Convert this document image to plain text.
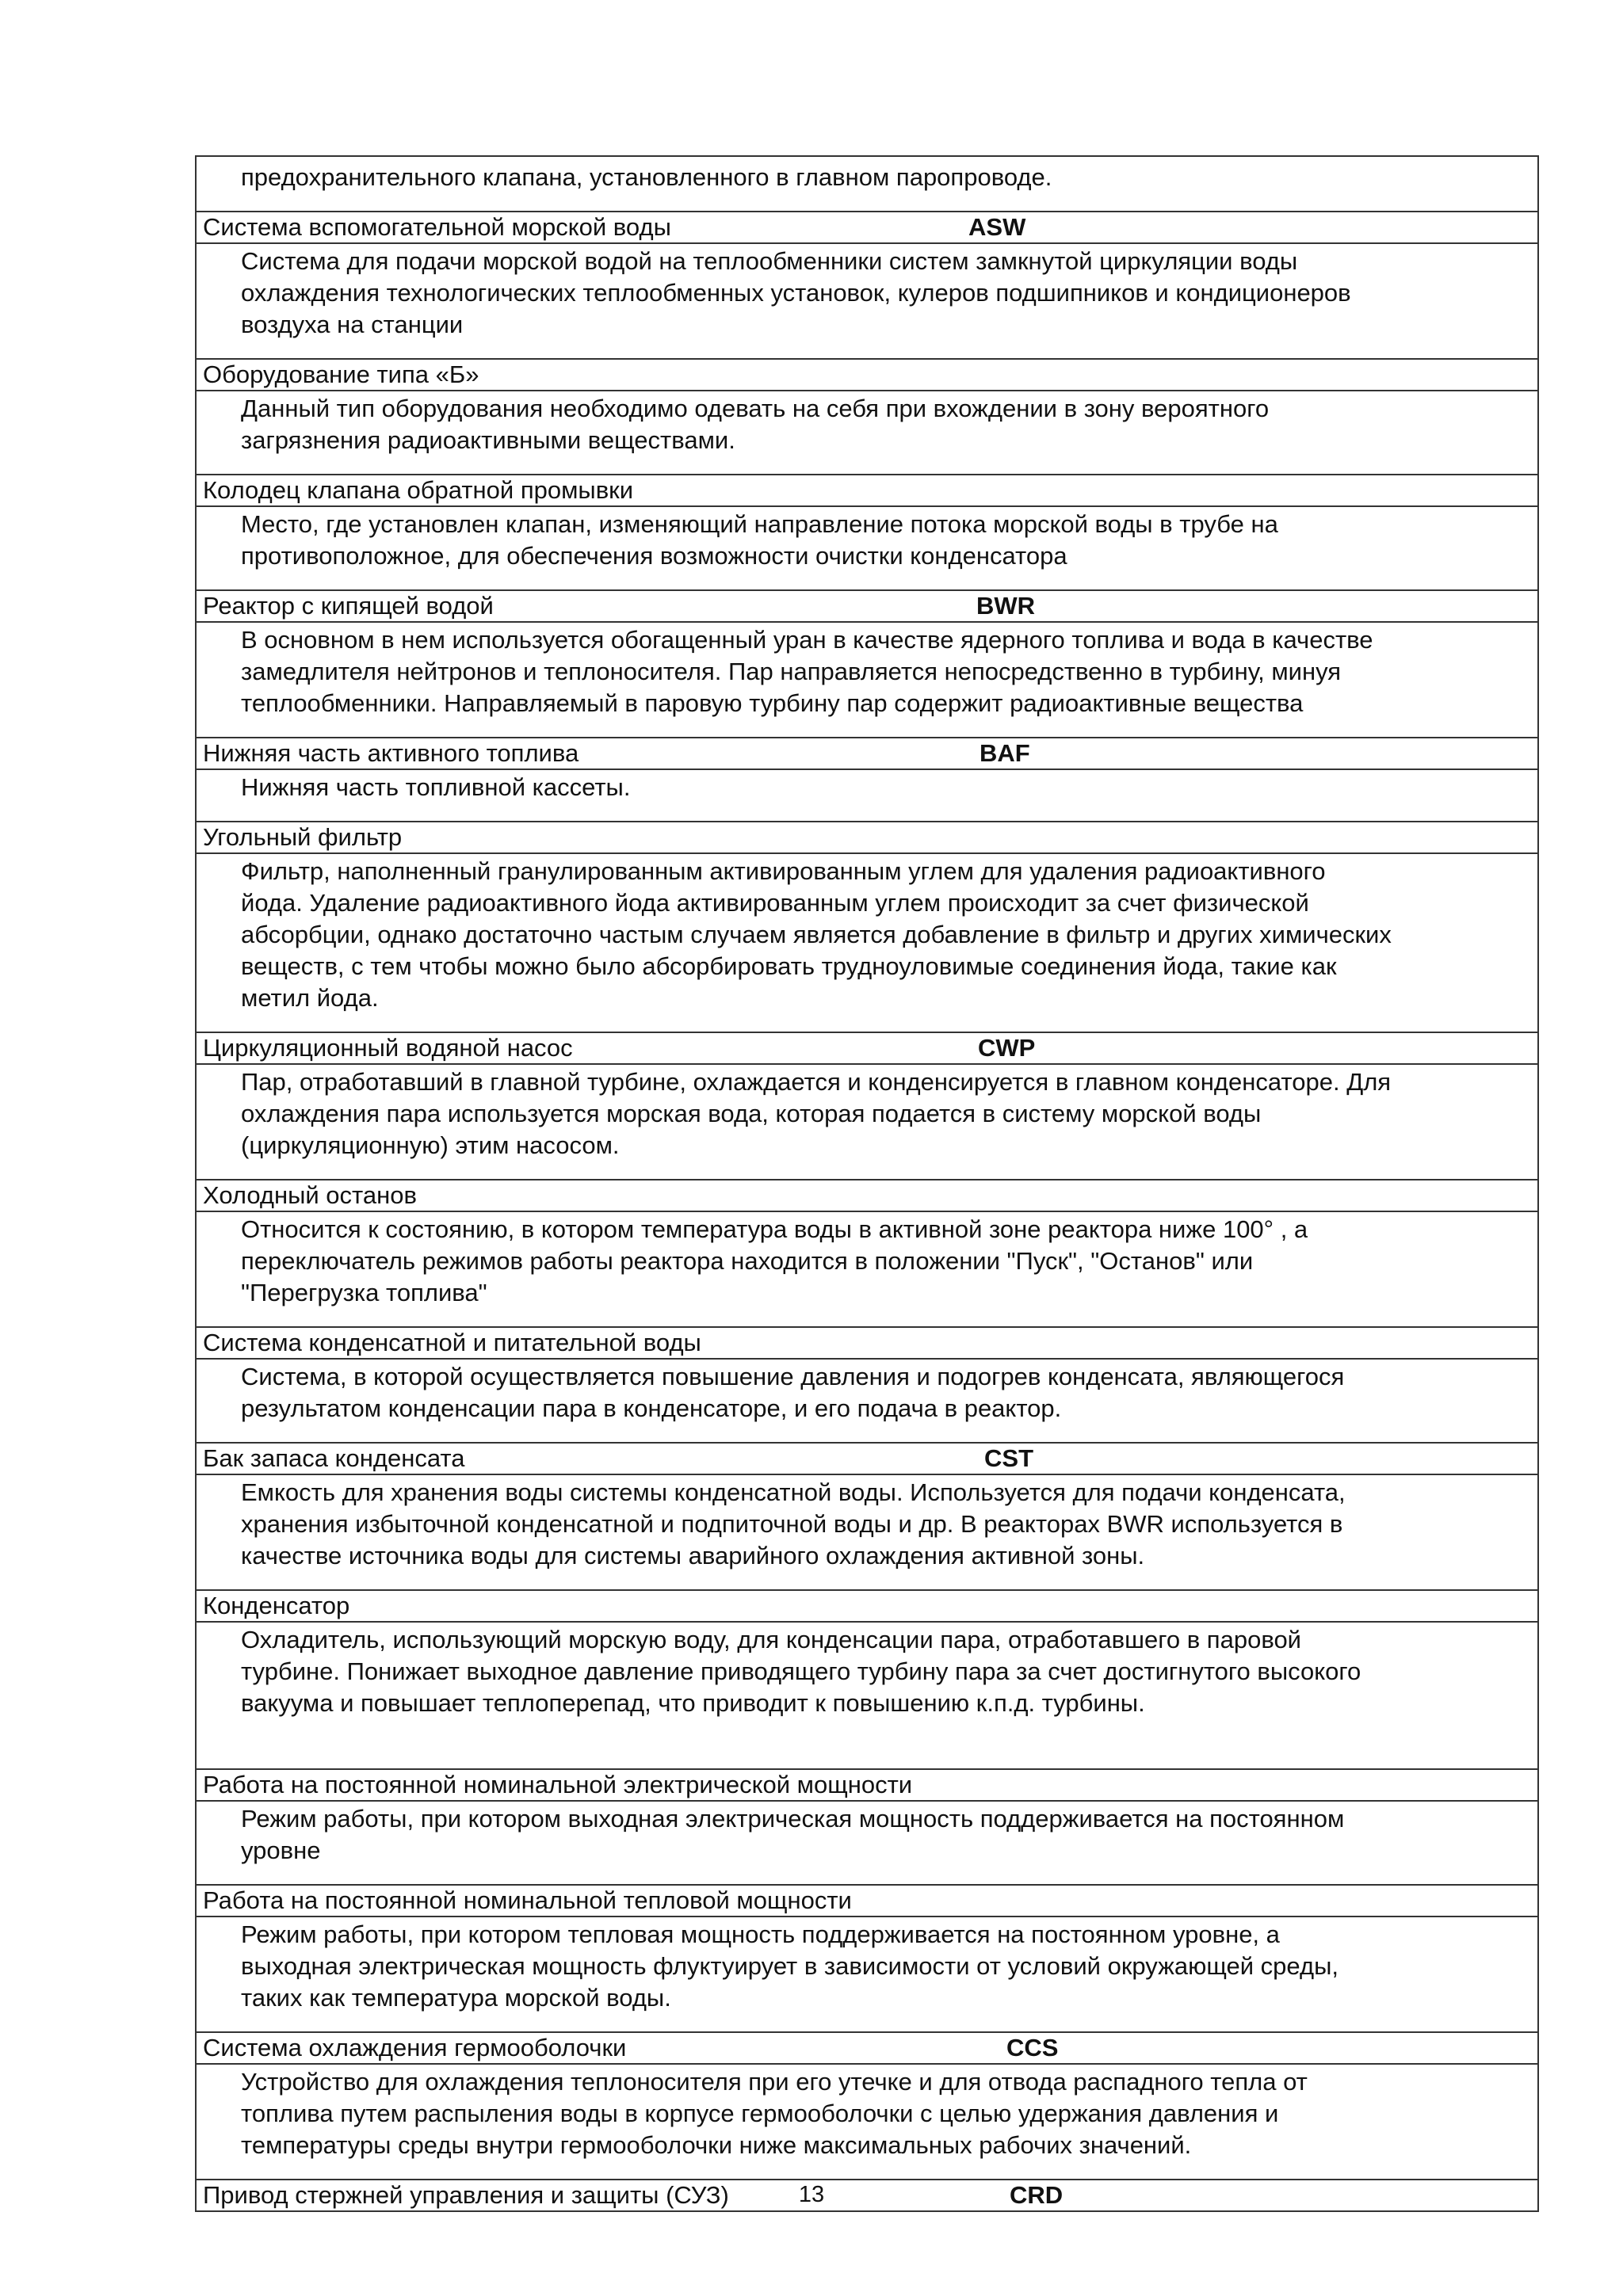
предохранительного клапана, установленного в главном паропроводе.

Система вспомогательной морской воды	ASW

Система для подачи морской водой на теплообменники систем замкнутой циркуляции воды
охлаждения технологических теплообменных установок, кулеров подшипников и кондиционеров
воздуха на станции

Оборудование типа «Б»

Данный тип оборудования необходимо одевать на себя при вхождении в зону вероятного
загрязнения радиоактивными веществами.

Колодец клапана обратной промывки

Место, где установлен клапан, изменяющий направление потока морской воды в трубе на
противоположное, для обеспечения возможности очистки конденсатора

Реактор с кипящей водой	BWR

В основном в нем используется обогащенный уран в качестве ядерного топлива и вода в качестве
замедлителя нейтронов и теплоносителя. Пар направляется непосредственно в турбину, минуя
теплообменники. Направляемый в паровую турбину пар содержит радиоактивные вещества

Нижняя часть активного топлива	BAF

Нижняя часть топливной кассеты.

Угольный фильтр

Фильтр, наполненный гранулированным активированным углем для удаления радиоактивного
йода. Удаление радиоактивного йода активированным углем происходит за счет физической
абсорбции, однако достаточно частым случаем является добавление в фильтр и других химических
веществ, с тем чтобы можно было абсорбировать трудноуловимые соединения йода, такие как
метил йода.

Циркуляционный водяной насос	CWP

Пар, отработавший в главной турбине, охлаждается и конденсируется в главном конденсаторе. Для
охлаждения пара используется морская вода, которая подается в систему морской воды
(циркуляционную) этим насосом.

Холодный останов

Относится к состоянию, в котором температура воды в активной зоне реактора ниже 100° , а
переключатель режимов работы реактора находится в положении "Пуск", "Останов" или
"Перегрузка топлива"

Система конденсатной и питательной воды

Система, в которой осуществляется повышение давления и подогрев конденсата, являющегося
результатом конденсации пара в конденсаторе, и его подача в реактор.

Бак запаса конденсата	CST

Емкость для хранения воды системы конденсатной воды. Используется для подачи конденсата,
хранения избыточной конденсатной и подпиточной воды и др. В реакторах BWR используется в
качестве источника воды для системы аварийного охлаждения активной зоны.

Конденсатор

Охладитель, использующий морскую воду, для конденсации пара, отработавшего в паровой
турбине. Понижает выходное давление приводящего турбину пара за счет достигнутого высокого
вакуума и повышает теплоперепад, что приводит к повышению к.п.д. турбины.

Работа на постоянной номинальной электрической мощности

Режим работы, при котором выходная электрическая мощность поддерживается на постоянном
уровне

Работа на постоянной номинальной тепловой мощности

Режим работы, при котором тепловая мощность поддерживается на постоянном уровне, а
выходная электрическая мощность флуктуирует в зависимости от условий окружающей среды,
таких как температура морской воды.

Система охлаждения гермооболочки	CCS

Устройство для охлаждения теплоносителя при его утечке и для отвода распадного тепла от
топлива путем распыления воды в корпусе гермооболочки с целью удержания давления и
температуры среды внутри гермооболочки ниже максимальных рабочих значений.

Привод стержней управления и защиты (СУЗ)	CRD
13
